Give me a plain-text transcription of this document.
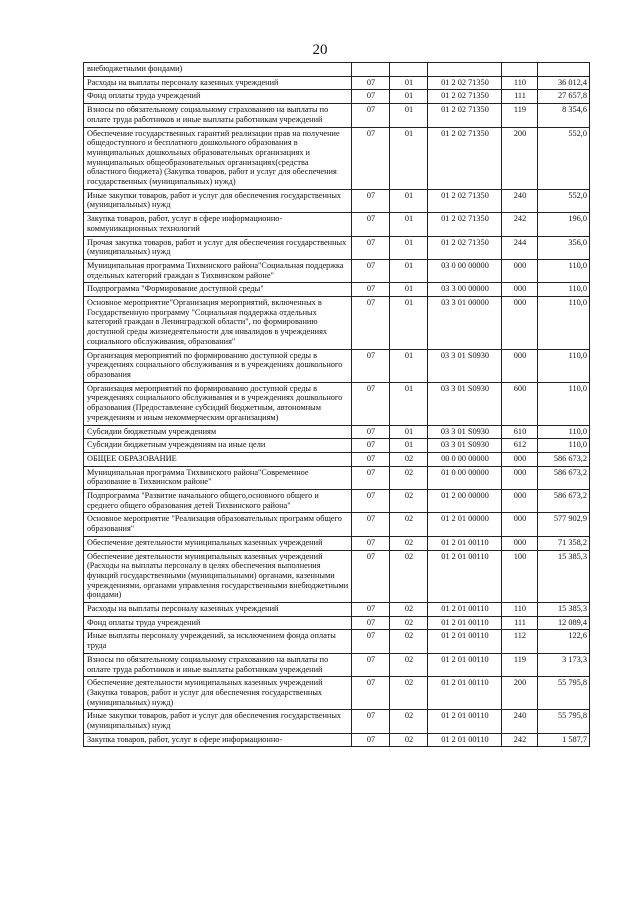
20
внебюджетными фондами)					
Расходы на выплаты персоналу казенных учреждений	07	01	01 2 02 71350	110	36 012,4
Фонд оплаты труда учреждений	07	01	01 2 02 71350	111	27 657,8
Взносы по обязательному социальному страхованию на выплаты по оплате труда работников и иные выплаты работникам учреждений	07	01	01 2 02 71350	119	8 354,6
Обеспечение государственных гарантий реализации прав на получение общедоступного и бесплатного дошкольного образования в муниципальных дошкольных образовательных организациях и муниципальных общеобразовательных организациях(средства областного бюджета) (Закупка товаров, работ и услуг для обеспечения государственных (муниципальных) нужд)	07	01	01 2 02 71350	200	552,0
Иные закупки товаров, работ и услуг для обеспечения государственных (муниципальных) нужд	07	01	01 2 02 71350	240	552,0
Закупка товаров, работ, услуг в сфере информационно-коммуникационных технологий	07	01	01 2 02 71350	242	196,0
Прочая закупка товаров, работ и услуг для обеспечения государственных (муниципальных) нужд	07	01	01 2 02 71350	244	356,0
Муниципальная программа Тихвинского района"Социальная поддержка отдельных категорий граждан в Тихвинском районе"	07	01	03 0 00 00000	000	110,0
Подпрограмма "Формирование доступной среды"	07	01	03 3 00 00000	000	110,0
Основное мероприятие"Организация мероприятий, включенных в Государственную программу "Социальная поддержка отдельных категорий граждан в Ленинградской области", по формированию доступной среды жизнедеятельности для инвалидов в учреждениях социального обслуживания, образования"	07	01	03 3 01 00000	000	110,0
Организация мероприятий по формированию доступной среды в учреждениях социального обслуживания и в учреждениях дошкольного образования	07	01	03 3 01 S0930	000	110,0
Организация мероприятий по формированию доступной среды в учреждениях социального обслуживания и в учреждениях дошкольного образования (Предоставление субсидий бюджетным, автономным учреждениям и иным некоммерческим организациям)	07	01	03 3 01 S0930	600	110,0
Субсидии бюджетным учреждениям	07	01	03 3 01 S0930	610	110,0
Субсидии бюджетным учреждениям на иные цели	07	01	03 3 01 S0930	612	110,0
ОБЩЕЕ ОБРАЗОВАНИЕ	07	02	00 0 00 00000	000	586 673,2
Муниципальная программа Тихвинского района"Современное образование в Тихвинском районе"	07	02	01 0 00 00000	000	586 673,2
Подпрограмма "Развитие начального общего,основного общего и среднего общего образования детей Тихвинского района"	07	02	01 2 00 00000	000	586 673,2
Основное мероприятие "Реализация образовательных программ общего образования"	07	02	01 2 01 00000	000	577 902,9
Обеспечение деятельности муниципальных казенных учреждений	07	02	01 2 01 00110	000	71 358,2
Обеспечение деятельности муниципальных казенных учреждений (Расходы на выплаты персоналу в целях обеспечения выполнения функций государственными (муниципальными) органами, казенными учреждениями, органами управления государственными внебюджетными фондами)	07	02	01 2 01 00110	100	15 385,3
Расходы на выплаты персоналу казенных учреждений	07	02	01 2 01 00110	110	15 385,3
Фонд оплаты труда учреждений	07	02	01 2 01 00110	111	12 089,4
Иные выплаты персоналу учреждений, за исключением фонда оплаты труда	07	02	01 2 01 00110	112	122,6
Взносы по обязательному социальному страхованию на выплаты по оплате труда работников и иные выплаты работникам учреждений	07	02	01 2 01 00110	119	3 173,3
Обеспечение деятельности муниципальных казенных учреждений (Закупка товаров, работ и услуг для обеспечения государственных (муниципальных) нужд)	07	02	01 2 01 00110	200	55 795,8
Иные закупки товаров, работ и услуг для обеспечения государственных (муниципальных) нужд	07	02	01 2 01 00110	240	55 795,8
Закупка товаров, работ, услуг в сфере информационно-	07	02	01 2 01 00110	242	1 587,7
